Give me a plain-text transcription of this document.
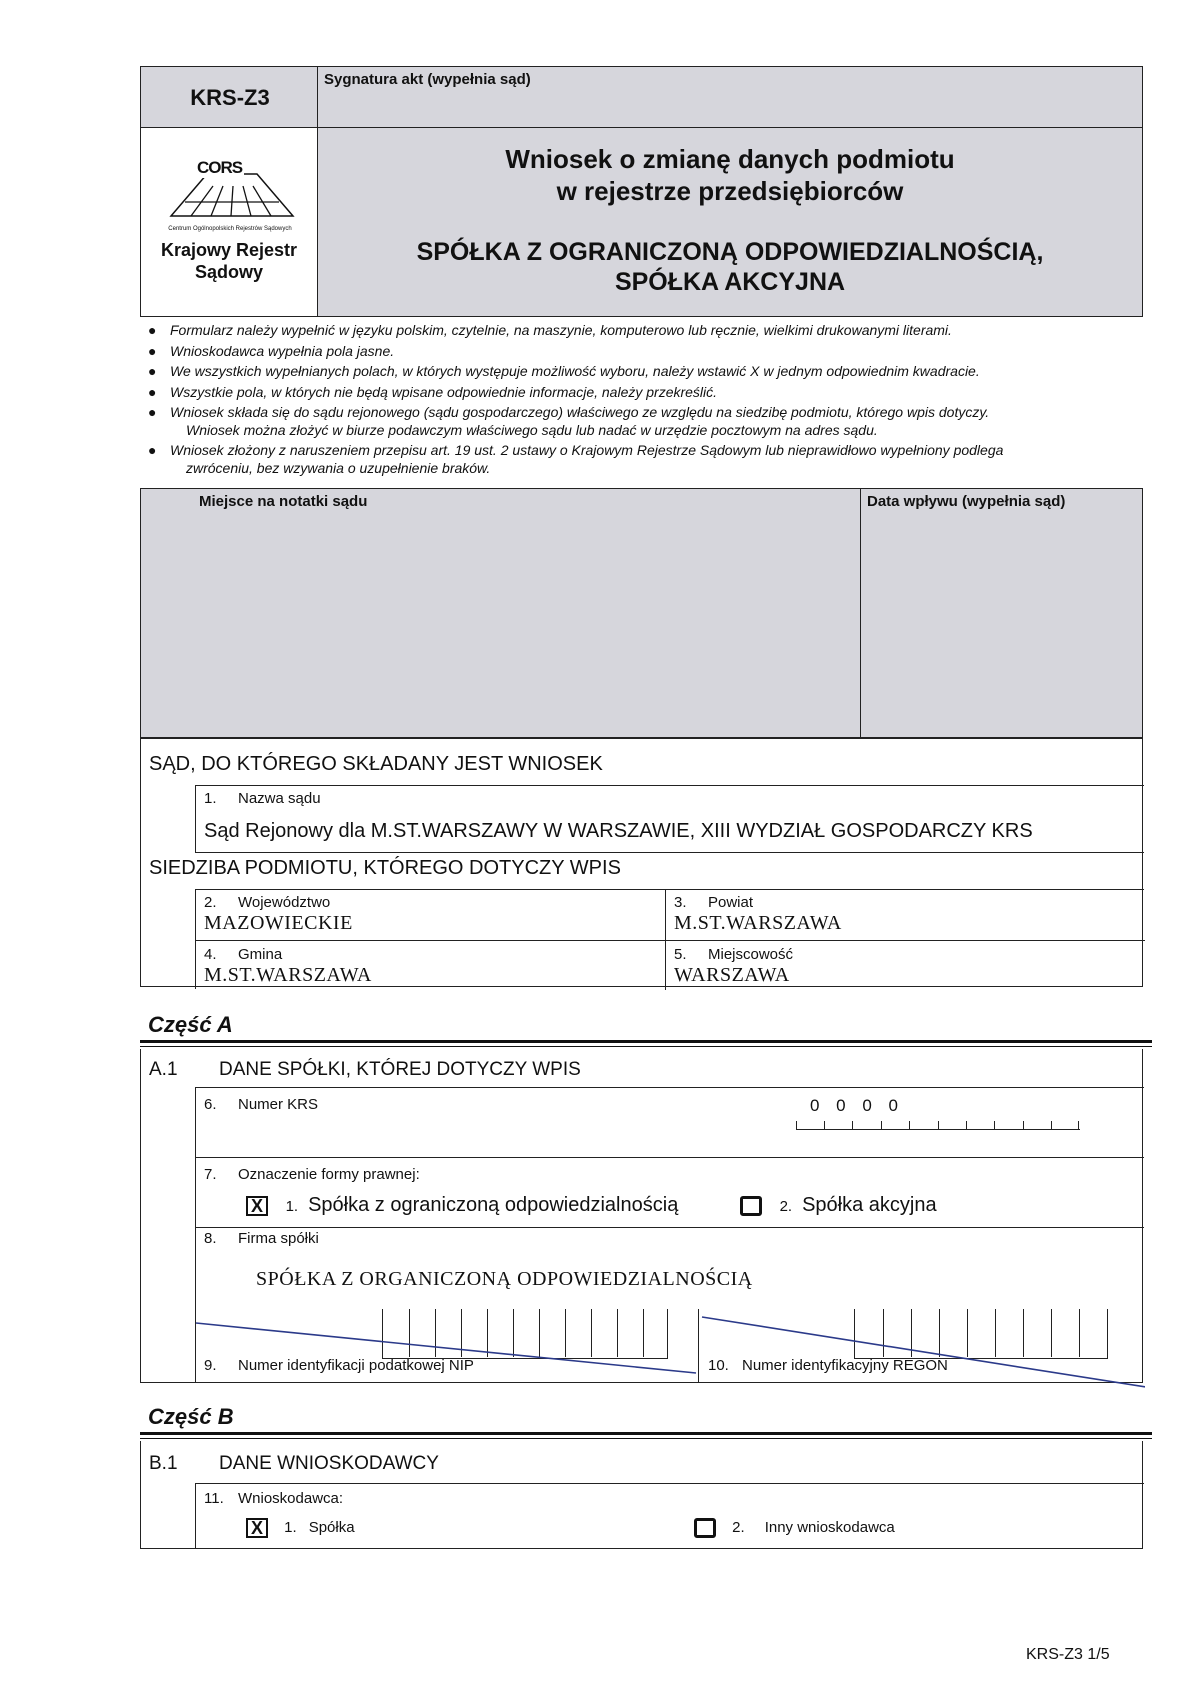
KRS-Z3
Sygnatura akt (wypełnia sąd)
CORS
Centrum Ogólnopolskich Rejestrów Sądowych
Krajowy Rejestr
Sądowy
Wniosek o zmianę danych podmiotu
w rejestrze przedsiębiorców
SPÓŁKA Z OGRANICZONĄ ODPOWIEDZIALNOŚCIĄ,
SPÓŁKA AKCYJNA
● Formularz należy wypełnić w języku polskim, czytelnie, na maszynie, komputerowo lub ręcznie, wielkimi drukowanymi literami.
● Wnioskodawca wypełnia pola jasne.
● We wszystkich wypełnianych polach, w których występuje możliwość wyboru, należy wstawić X w jednym odpowiednim kwadracie.
● Wszystkie pola, w których nie będą wpisane odpowiednie informacje, należy przekreślić.
● Wniosek składa się do sądu rejonowego (sądu gospodarczego) właściwego ze względu na siedzibę podmiotu, którego wpis dotyczy.
Wniosek można złożyć w biurze podawczym właściwego sądu lub nadać w urzędzie pocztowym na adres sądu.
● Wniosek złożony z naruszeniem przepisu art. 19 ust. 2 ustawy o Krajowym Rejestrze Sądowym lub nieprawidłowo wypełniony podlega
zwróceniu, bez wzywania o uzupełnienie braków.
Miejsce na notatki sądu	Data wpływu (wypełnia sąd)
SĄD, DO KTÓREGO SKŁADANY JEST WNIOSEK
1. Nazwa sądu
Sąd Rejonowy dla M.ST.WARSZAWY W WARSZAWIE, XIII WYDZIAŁ GOSPODARCZY KRS
SIEDZIBA PODMIOTU, KTÓREGO DOTYCZY WPIS
2. Województwo
MAZOWIECKIE
3. Powiat
M.ST.WARSZAWA
4. Gmina
M.ST.WARSZAWA
5. Miejscowość
WARSZAWA
Część A
A.1 DANE SPÓŁKI, KTÓREJ DOTYCZY WPIS
6. Numer KRS	0 0 0 0
7. Oznaczenie formy prawnej:
X 1. Spółka z ograniczoną odpowiedzialnością	2. Spółka akcyjna
8. Firma spółki
SPÓŁKA Z ORGANICZONĄ ODPOWIEDZIALNOŚCIĄ
9. Numer identyfikacji podatkowej NIP	10. Numer identyfikacyjny REGON
Część B
B.1 DANE WNIOSKODAWCY
11. Wnioskodawca:
X 1. Spółka	2. Inny wnioskodawca
KRS-Z3 1/5
